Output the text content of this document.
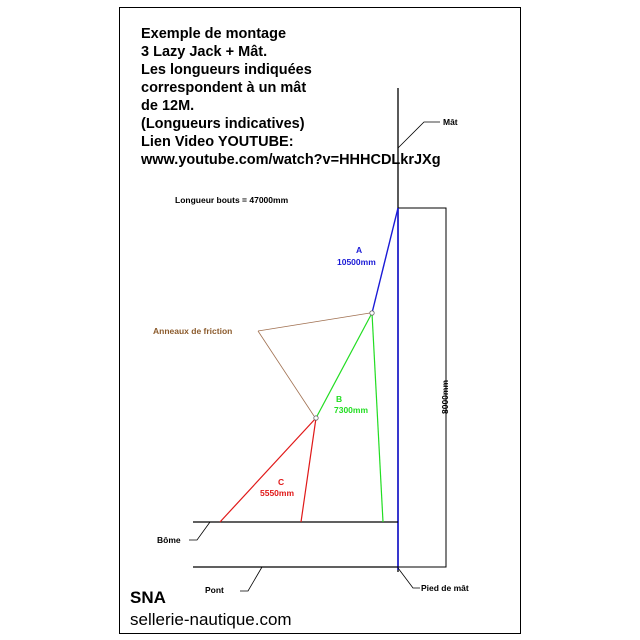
Exemple de montage
3 Lazy Jack + Mât.
Les longueurs indiquées
correspondent à un mât
de 12M.
(Longueurs indicatives)
Lien Video YOUTUBE:
www.youtube.com/watch?v=HHHCDLkrJXg
Longueur bouts = 47000mm
Mât
A
10500mm
B
7300mm
C
5550mm
Anneaux de friction
8000mm
Bôme
Pont	Pied de mât
SNA
sellerie-nautique.com
